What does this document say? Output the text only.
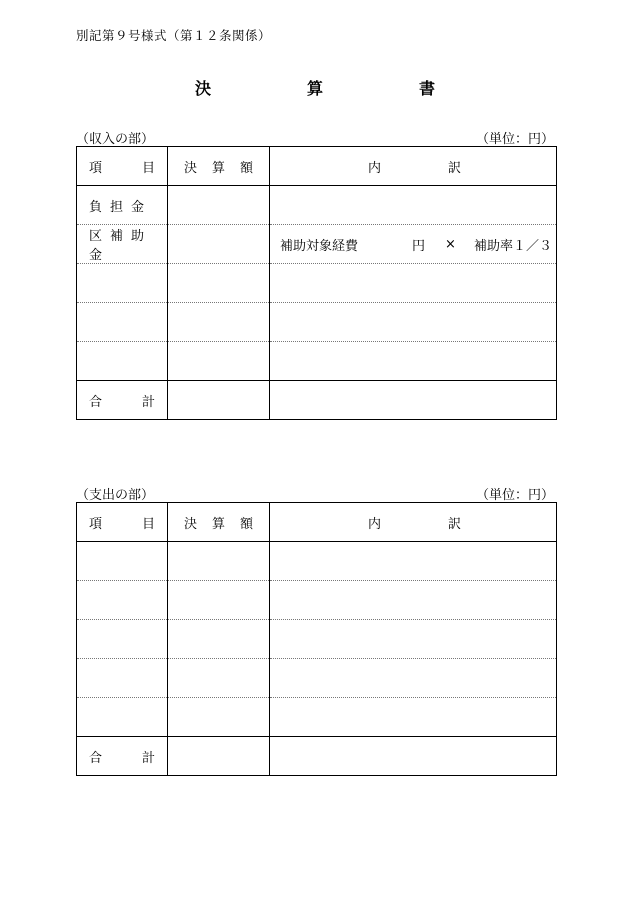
別記第９号様式（第１２条関係）
決　算　書
（収入の部）	（単位：円）
項 目	決 算 額	内 訳

負担金		
区補助金		補助対象経費 円 × 補助率１／３

合 計		

（支出の部）	（単位：円）
項 目	決 算 額	内 訳

合 計		
